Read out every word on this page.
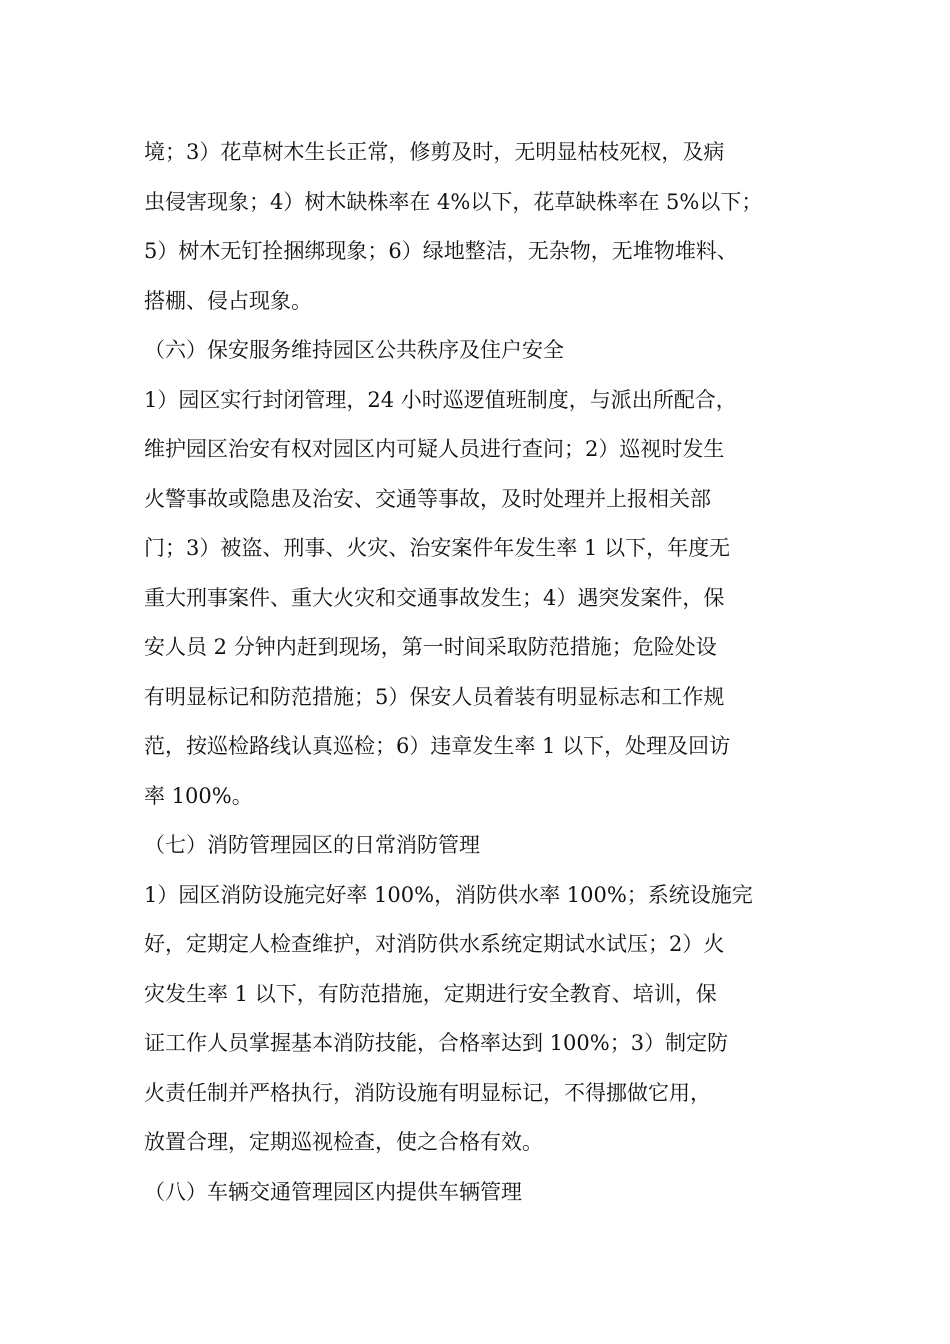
境；3）花草树木生长正常，修剪及时，无明显枯枝死杈，及病
虫侵害现象；4）树木缺株率在 4%以下，花草缺株率在 5%以下；
5）树木无钉拴捆绑现象；6）绿地整洁，无杂物，无堆物堆料、
搭棚、侵占现象。
（六）保安服务维持园区公共秩序及住户安全
1）园区实行封闭管理，24 小时巡逻值班制度，与派出所配合，
维护园区治安有权对园区内可疑人员进行查问；2）巡视时发生
火警事故或隐患及治安、交通等事故，及时处理并上报相关部
门；3）被盗、刑事、火灾、治安案件年发生率 1 以下，年度无
重大刑事案件、重大火灾和交通事故发生；4）遇突发案件，保
安人员 2 分钟内赶到现场，第一时间采取防范措施；危险处设
有明显标记和防范措施；5）保安人员着装有明显标志和工作规
范，按巡检路线认真巡检；6）违章发生率 1 以下，处理及回访
率 100%。
（七）消防管理园区的日常消防管理
1）园区消防设施完好率 100%，消防供水率 100%；系统设施完
好，定期定人检查维护，对消防供水系统定期试水试压；2）火
灾发生率 1 以下，有防范措施，定期进行安全教育、培训，保
证工作人员掌握基本消防技能，合格率达到 100%；3）制定防
火责任制并严格执行，消防设施有明显标记，不得挪做它用，
放置合理，定期巡视检查，使之合格有效。
（八）车辆交通管理园区内提供车辆管理
